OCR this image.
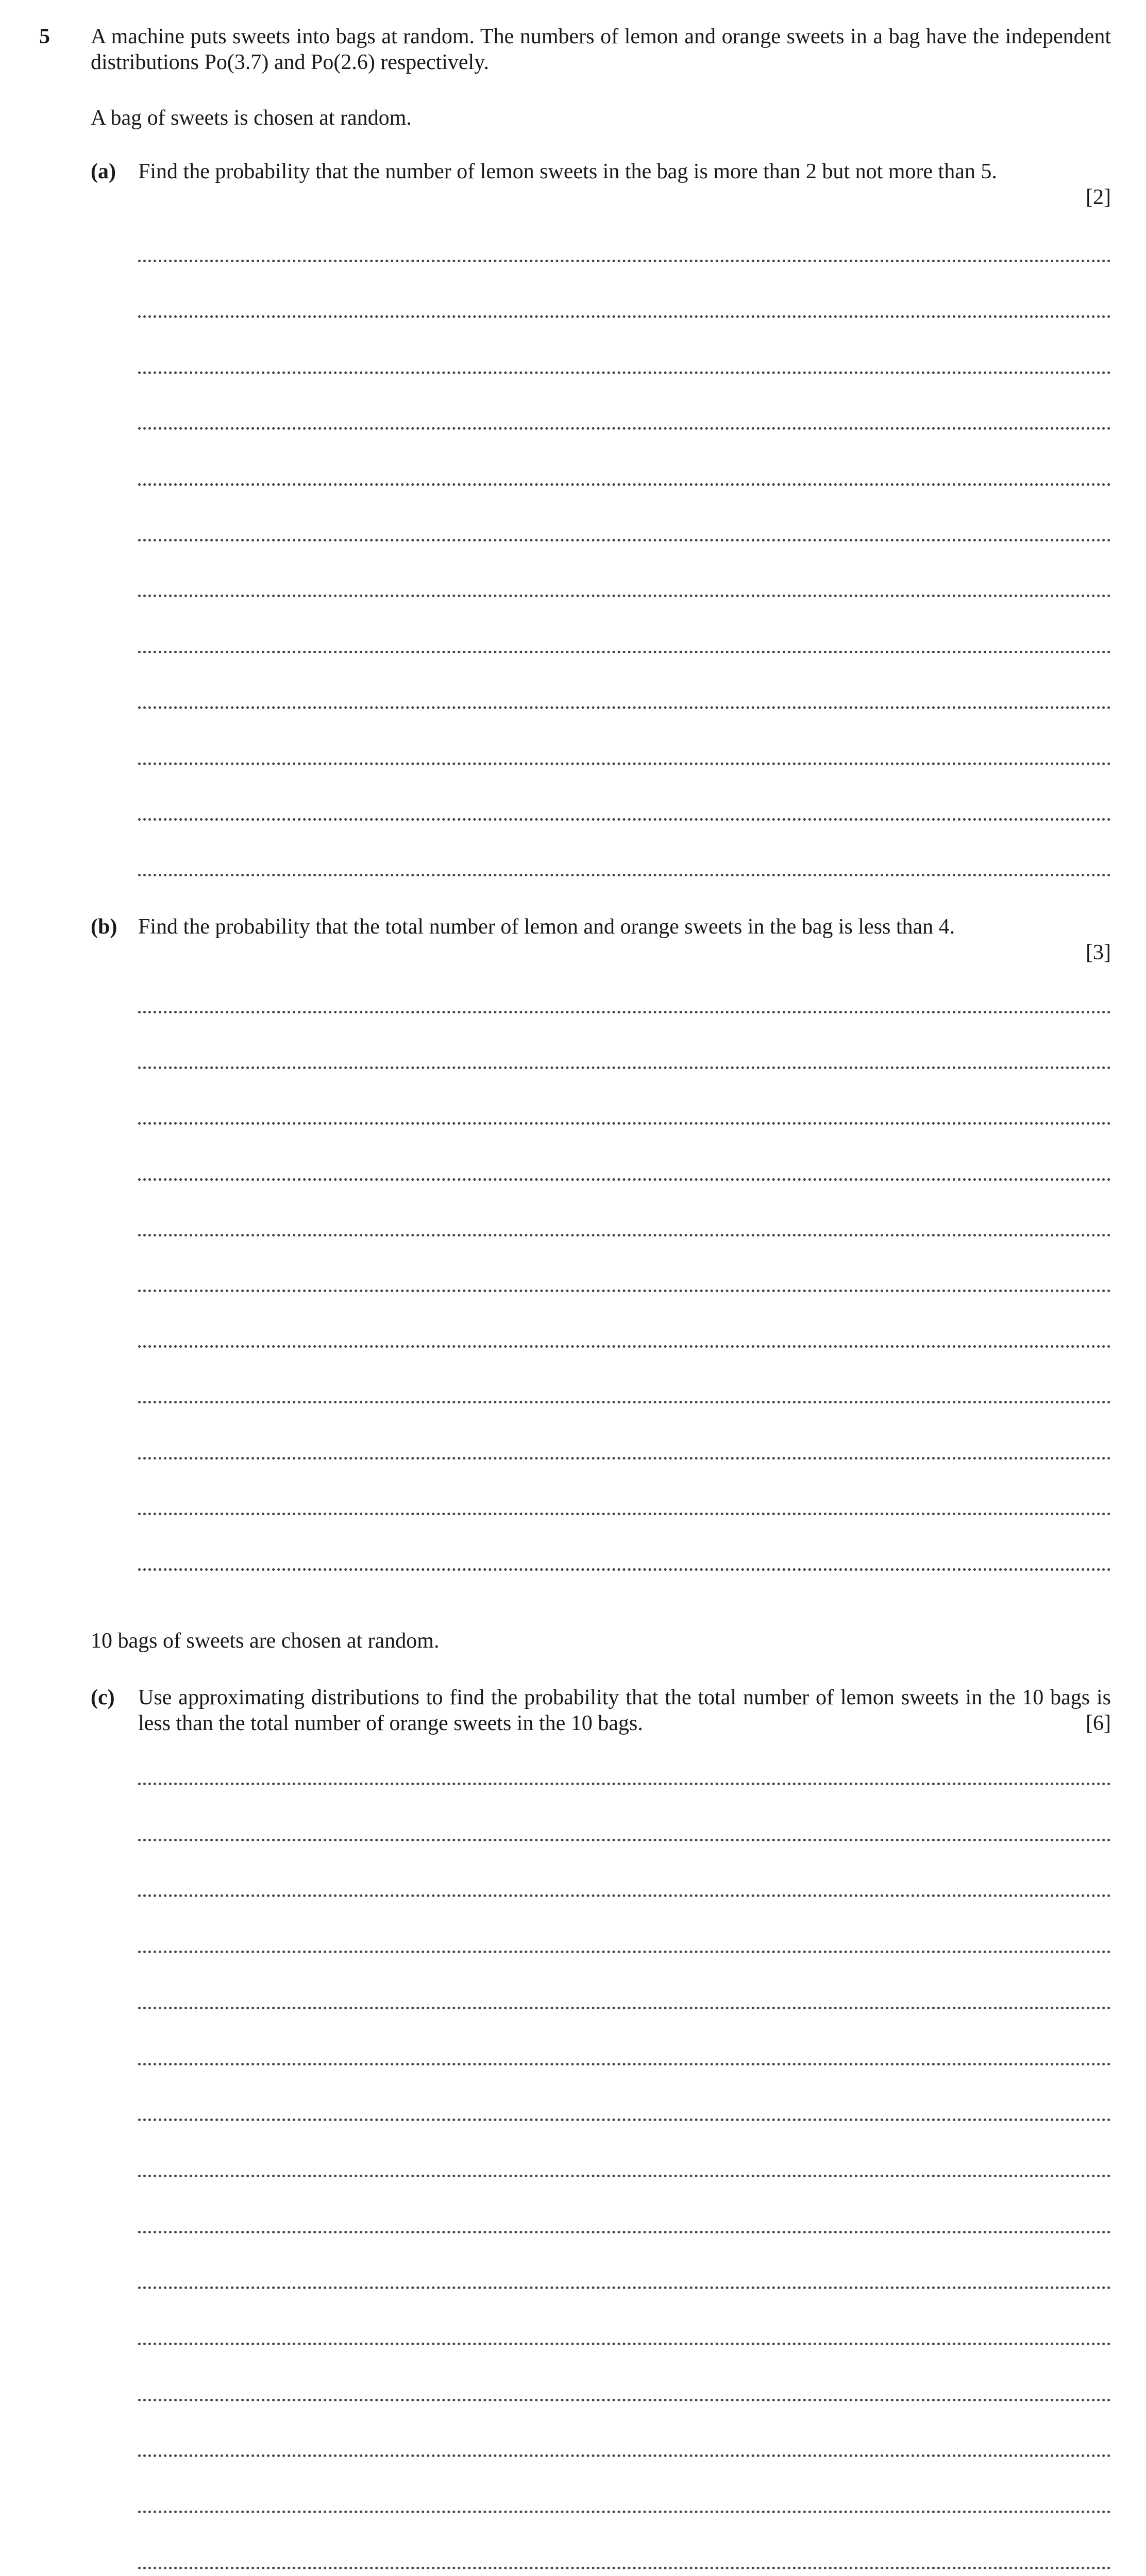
5 A machine puts sweets into bags at random. The numbers of lemon and orange sweets in a bag have the independent distributions Po(3.7) and Po(2.6) respectively.
A bag of sweets is chosen at random.
(a) Find the probability that the number of lemon sweets in the bag is more than 2 but not more than 5.
[2]
(b) Find the probability that the total number of lemon and orange sweets in the bag is less than 4.
[3]
10 bags of sweets are chosen at random.
(c)
[6]
Use approximating distributions to find the probability that the total number of lemon sweets in the 10 bags is less than the total number of orange sweets in the 10 bags.
